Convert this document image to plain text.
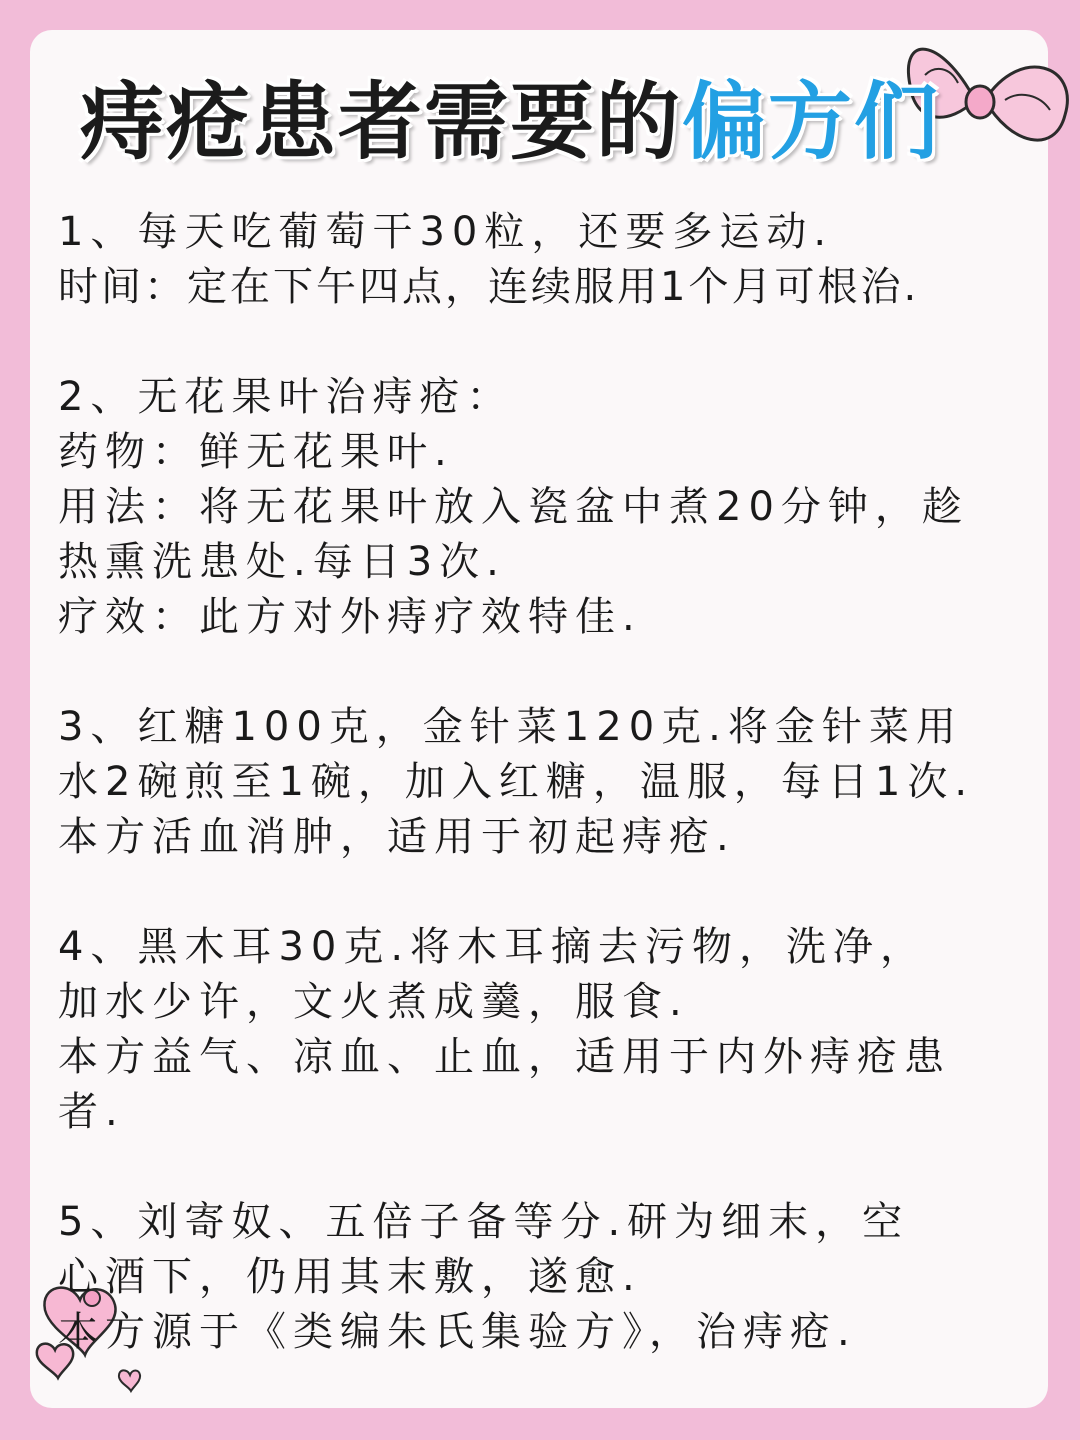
痔疮患者需要的偏方们

1、每天吃葡萄干30粒，还要多运动.

时间：定在下午四点，连续服用1个月可根治.

2、无花果叶治痔疮：

药物：鲜无花果叶.

用法：将无花果叶放入瓷盆中煮20分钟，趁

热熏洗患处.每日3次.

疗效：此方对外痔疗效特佳.

3、红糖100克，金针菜120克.将金针菜用

水2碗煎至1碗，加入红糖，温服，每日1次.

本方活血消肿，适用于初起痔疮.

4、黑木耳30克.将木耳摘去污物，洗净，

加水少许，文火煮成羹，服食.

本方益气、凉血、止血，适用于内外痔疮患

者.

5、刘寄奴、五倍子备等分.研为细末，空

心酒下，仍用其末敷，遂愈.

本方源于《类编朱氏集验方》，治痔疮.
